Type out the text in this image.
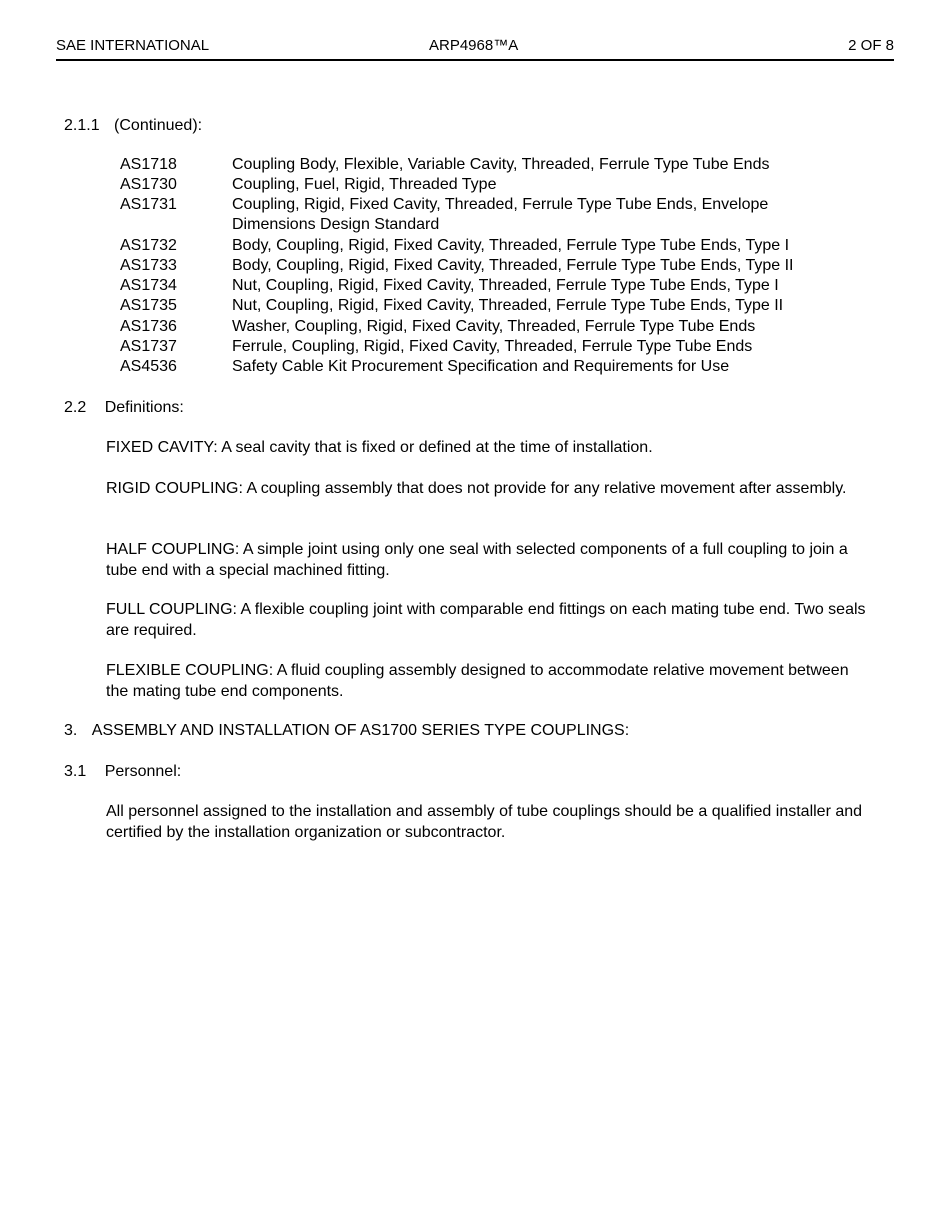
SAE INTERNATIONAL	ARP4968™A	2 OF 8
2.1.1 (Continued):
AS1718	Coupling Body, Flexible, Variable Cavity, Threaded, Ferrule Type Tube Ends
AS1730	Coupling, Fuel, Rigid, Threaded Type
AS1731	Coupling, Rigid, Fixed Cavity, Threaded, Ferrule Type Tube Ends, Envelope
Dimensions Design Standard
AS1732	Body, Coupling, Rigid, Fixed Cavity, Threaded, Ferrule Type Tube Ends, Type I
AS1733	Body, Coupling, Rigid, Fixed Cavity, Threaded, Ferrule Type Tube Ends, Type II
AS1734	Nut, Coupling, Rigid, Fixed Cavity, Threaded, Ferrule Type Tube Ends, Type I
AS1735	Nut, Coupling, Rigid, Fixed Cavity, Threaded, Ferrule Type Tube Ends, Type II
AS1736	Washer, Coupling, Rigid, Fixed Cavity, Threaded, Ferrule Type Tube Ends
AS1737	Ferrule, Coupling, Rigid, Fixed Cavity, Threaded, Ferrule Type Tube Ends
AS4536	Safety Cable Kit Procurement Specification and Requirements for Use
2.2 Definitions:
FIXED CAVITY: A seal cavity that is fixed or defined at the time of installation.
RIGID COUPLING: A coupling assembly that does not provide for any relative movement after assembly.
HALF COUPLING: A simple joint using only one seal with selected components of a full coupling to join a tube end with a special machined fitting.
FULL COUPLING: A flexible coupling joint with comparable end fittings on each mating tube end. Two seals are required.
FLEXIBLE COUPLING: A fluid coupling assembly designed to accommodate relative movement between the mating tube end components.
3. ASSEMBLY AND INSTALLATION OF AS1700 SERIES TYPE COUPLINGS:
3.1 Personnel:
All personnel assigned to the installation and assembly of tube couplings should be a qualified installer and certified by the installation organization or subcontractor.
